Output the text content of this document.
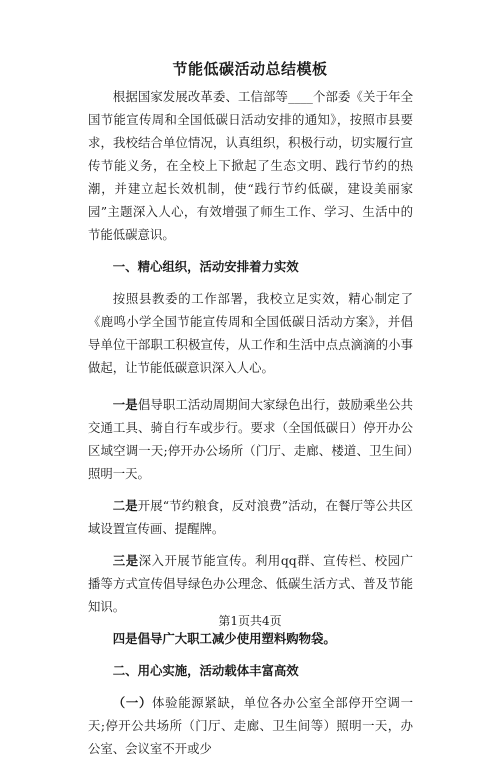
节能低碳活动总结模板

根据国家发展改革委、工信部等____个部委《关于年全国节能宣传周和全国低碳日活动安排的通知》，按照市县要求，我校结合单位情况，认真组织，积极行动，切实履行宣传节能义务，在全校上下掀起了生态文明、践行节约的热潮，并建立起长效机制，使“践行节约低碳，建设美丽家园”主题深入人心，有效增强了师生工作、学习、生活中的节能低碳意识。

一、精心组织，活动安排着力实效

按照县教委的工作部署，我校立足实效，精心制定了《鹿鸣小学全国节能宣传周和全国低碳日活动方案》，并倡导单位干部职工积极宣传，从工作和生活中点点滴滴的小事做起，让节能低碳意识深入人心。

一是倡导职工活动周期间大家绿色出行，鼓励乘坐公共交通工具、骑自行车或步行。要求（全国低碳日）停开办公区域空调一天;停开办公场所（门厅、走廊、楼道、卫生间）照明一天。

二是开展“节约粮食，反对浪费”活动，在餐厅等公共区域设置宣传画、提醒牌。

三是深入开展节能宣传。利用qq群、宣传栏、校园广播等方式宣传倡导绿色办公理念、低碳生活方式、普及节能知识。

四是倡导广大职工减少使用塑料购物袋。

二、用心实施，活动载体丰富高效

（一）体验能源紧缺，单位各办公室全部停开空调一天;停开公共场所（门厅、走廊、卫生间等）照明一天，办公室、会议室不开或少

第1页共4页
